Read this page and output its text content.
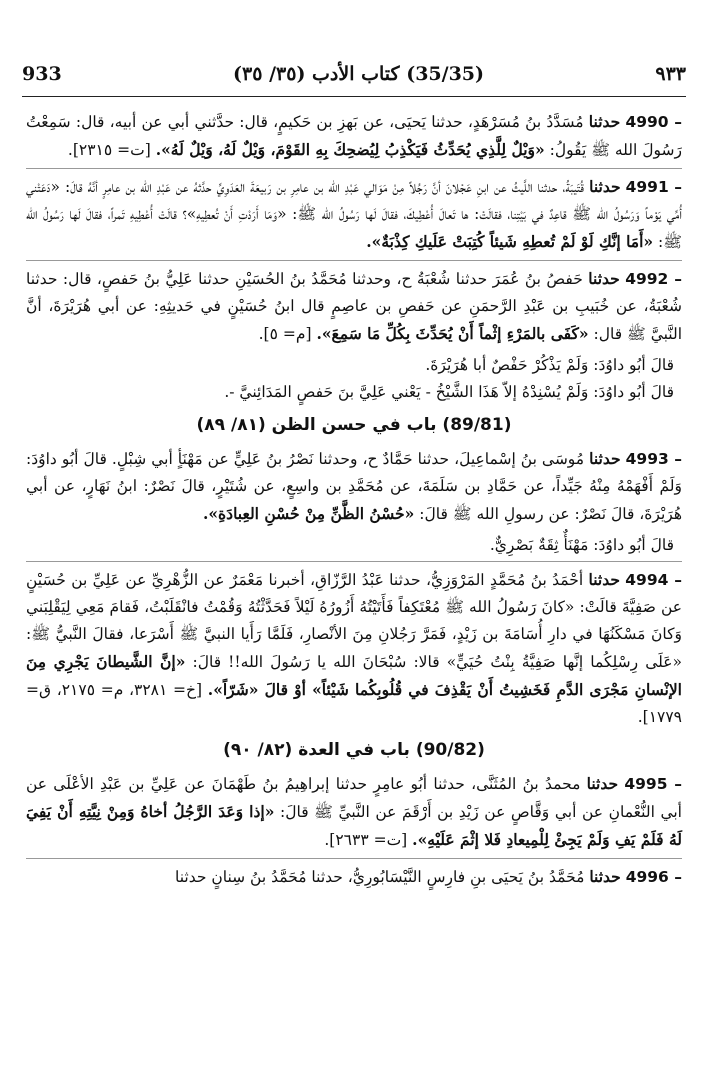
933	(35/35) كتاب الأدب (٣٥/ ٣٥)	٩٣٣

4990 – حدثنا مُسَدَّدُ بنُ مُسَرْهَدٍ، حدثنا يَحيَى، عن بَهزِ بن حَكيمٍ، قال: حدَّثني أبي عن أبيه، قال: سَمِعْتُ رَسُولَ الله ﷺ يَقُولُ: «وَيْلٌ لِلَّذِي يُحَدِّثُ فَيَكْذِبُ لِيُضحِكَ بِهِ القَوْمَ، وَيْلٌ لَهُ، وَيْلٌ لَهُ». [ت= ٢٣١٥].

4991 – حدثنا قُتَيبَةُ، حدثنا اللَّيثُ عن ابنِ عَجْلانَ أنَّ رَجُلاً مِنْ مَوَالي عَبْدِ الله بن عامِرِ بن رَبيعَةَ العَدَوِيِّ حدَّثهُ عن عَبْدِ الله بن عامِرٍ أنَّهُ قالَ: «دَعَتْني أُمِّي يَوْماً وَرَسُولُ الله ﷺ قاعِدٌ في بَيْتِنا، فقالَتْ: ها تَعالَ أُعْطِيكَ، فقالَ لَها رَسُولُ الله ﷺ: «وَمَا أَرَدْتِ أَنْ تُعطِيهِ»؟ قالَتْ أُعْطِيهِ تَمراً، فقالَ لَها رَسُولُ الله ﷺ: «أَمَا إنَّكِ لَوْ لَمْ تُعطِهِ شَيئاً كُتِبَتْ عَلَيكِ كِذْبَةٌ».

4992 – حدثنا حَفصُ بنُ عُمَرَ حدثنا شُعْبَةُ ح، وحدثنا مُحَمَّدُ بنُ الحُسَيْنِ حدثنا عَلِيُّ بنُ حَفصٍ، قال: حدثنا شُعْبَةُ، عن خُبَيبِ بن عَبْدِ الرَّحمَنِ عن حَفصِ بن عاصِمٍ قال ابنُ حُسَيْنٍ في حَديثِهِ: عن أبي هُرَيْرَةَ، أنَّ النَّبيَّ ﷺ قال: «كَفَى بالمَرْءِ إثْماً أَنْ يُحَدِّثَ بِكُلِّ مَا سَمِعَ». [م= ٥].

قالَ أبُو داوُدَ: وَلَمْ يَذْكُرْ حَفْصٌ أبا هُرَيْرَةَ.

قالَ أبُو داوُدَ: وَلَمْ يُسْنِدْهُ إلاّ هَذَا الشَّيْخُ - يَعْني عَلِيَّ بنَ حَفصٍ المَدَائِنيَّ -.

(89/81) باب في حسن الظن (٨١/ ٨٩)

4993 – حدثنا مُوسَى بنُ إسْماعِيلَ، حدثنا حَمَّادٌ ح، وحدثنا نَصْرُ بنُ عَلِيٍّ عن مَهْنَأٍ أبي شِبْلٍ. قالَ أبُو داوُدَ: وَلَمْ أَفْهَمْهُ مِنْهُ جَيِّداً، عن حَمَّادِ بن سَلَمَةَ، عن مُحَمَّدِ بن واسِعٍ، عن شُتَيْرٍ، قالَ نَصْرٌ: ابنُ نَهَارٍ، عن أبي هُرَيْرَةَ، قالَ نَصْرٌ: عن رسولِ الله ﷺ قالَ: «حُسْنُ الظَّنِّ مِنْ حُسْنِ العِبادَةِ».

قالَ أبُو داوُدَ: مَهْنَأٌ ثِقَةٌ بَصْرِيٌّ.

4994 – حدثنا أحْمَدُ بنُ مُحَمَّدٍ المَرْوَزِيُّ، حدثنا عَبْدُ الرَّزّاقِ، أخبرنا مَعْمَرٌ عن الزُّهْرِيِّ عن عَلِيِّ بن حُسَيْنٍ عن صَفِيَّةَ قالَتْ: «كانَ رَسُولُ الله ﷺ مُعْتَكِفاً فَأَتَيْتُهُ أَزُورُهُ لَيْلاً فَحَدَّثْتُهُ وَقُمْتُ فانْقَلَبْتُ، فَقامَ مَعِي لِيَقْلِبَني وَكانَ مَسْكَنُهَا في دارِ أُسَامَةَ بن زَيْدٍ، فَمَرَّ رَجُلانِ مِنَ الأنْصارِ، فَلَمَّا رَأَيا النبيَّ ﷺ أَسْرَعا، فقالَ النَّبيُّ ﷺ: «عَلَى رِسْلِكُما إنَّها صَفِيَّةُ بِنْتُ حُيَيٍّ» قالا: سُبْحَانَ الله يا رَسُولَ الله!! قالَ: «إنَّ الشَّيطانَ يَجْرِي مِنَ الإنْسانِ مَجْرَى الدَّمِ فَخَشِيتُ أَنْ يَقْذِفَ في قُلُوبِكُما شَيْئاً» أوْ قالَ «شَرّاً». [خ= ٣٢٨١، م= ٢١٧٥، ق= ١٧٧٩].

(90/82) باب في العدة (٨٢/ ٩٠)

4995 – حدثنا محمدُ بنُ المُثَنَّى، حدثنا أبُو عامِرٍ حدثنا إبراهِيمُ بنُ طَهْمَانَ عن عَلِيِّ بن عَبْدِ الأعْلَى عن أبي النُّعْمانِ عن أبي وَقَّاصٍ عن زَيْدِ بن أَرْقَمَ عن النَّبيِّ ﷺ قالَ: «إذا وَعَدَ الرَّجُلُ أخاهُ وَمِنْ نِيَّتِهِ أَنْ يَفِيَ لَهُ فَلَمْ يَفِ وَلَمْ يَجِئْ لِلْمِيعادِ فَلا إثْمَ عَلَيْهِ». [ت= ٢٦٣٣].

4996 – حدثنا مُحَمَّدُ بنُ يَحيَى بنِ فارِسٍ النَّيْسَابُورِيُّ، حدثنا مُحَمَّدُ بنُ سِنانٍ حدثنا
